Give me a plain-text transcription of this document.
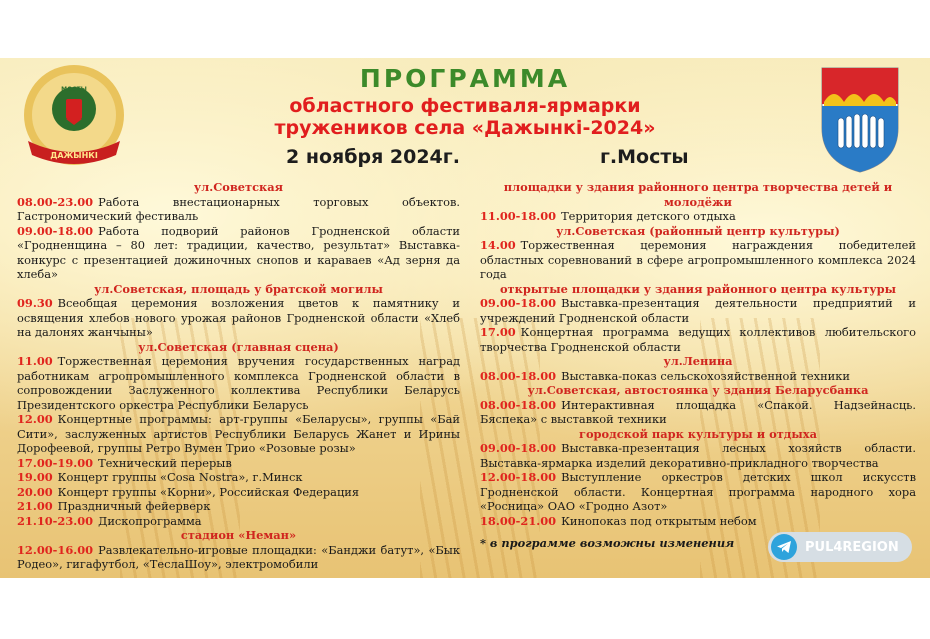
МОСТЫ
ДАЖЫНКІ
ПРОГРАММА
областного фестиваля-ярмарки
тружеников села «Дажынкі-2024»
2 ноября 2024г.	г.Мосты
ул.Советская
08.00-23.00 Работа внестационарных торговых объектов. Гастрономический фестиваль
09.00-18.00 Работа подворий районов Гродненской области «Гродненщина – 80 лет: традиции, качество, результат» Выставка-конкурс с презентацией дожиночных снопов и караваев «Ад зерня да хлеба»
ул.Советская, площадь у братской могилы
09.30 Всеобщая церемония возложения цветов к памятнику и освящения хлебов нового урожая районов Гродненской области «Хлеб на далонях жанчыны»
ул.Советская (главная сцена)
11.00 Торжественная церемония вручения государственных наград работникам агропромышленного комплекса Гродненской области в сопровождении Заслуженного коллектива Республики Беларусь Президентского оркестра Республики Беларусь
12.00 Концертные программы: арт-группы «Беларусы», группы «Бай Сити», заслуженных артистов Республики Беларусь Жанет и Ирины Дорофеевой, группы Ретро Вумен Трио «Розовые розы»
17.00-19.00 Технический перерыв
19.00 Концерт группы «Cosa Nostra», г.Минск
20.00 Концерт группы «Корни», Российская Федерация
21.00 Праздничный фейерверк
21.10-23.00 Дископрограмма
стадион «Неман»
12.00-16.00 Развлекательно-игровые площадки: «Банджи батут», «Бык Родео», гигафутбол, «ТеслаШоу», электромобили
площадки у здания районного центра творчества детей и молодёжи
11.00-18.00 Территория детского отдыха
ул.Советская (районный центр культуры)
14.00 Торжественная церемония награждения победителей областных соревнований в сфере агропромышленного комплекса 2024 года
открытые площадки у здания районного центра культуры
09.00-18.00 Выставка-презентация деятельности предприятий и учреждений Гродненской области
17.00 Концертная программа ведущих коллективов любительского творчества Гродненской области
ул.Ленина
08.00-18.00 Выставка-показ сельскохозяйственной техники
ул.Советская, автостоянка у здания Беларусбанка
08.00-18.00 Интерактивная площадка «Спакой. Надзейнасць. Бяспека» с выставкой техники
городской парк культуры и отдыха
09.00-18.00 Выставка-презентация лесных хозяйств области. Выставка-ярмарка изделий декоративно-прикладного творчества
12.00-18.00 Выступление оркестров детских школ искусств Гродненской области. Концертная программа народного хора «Росница» ОАО «Гродно Азот»
18.00-21.00 Кинопоказ под открытым небом
* в программе возможны изменения	PUL4REGION
